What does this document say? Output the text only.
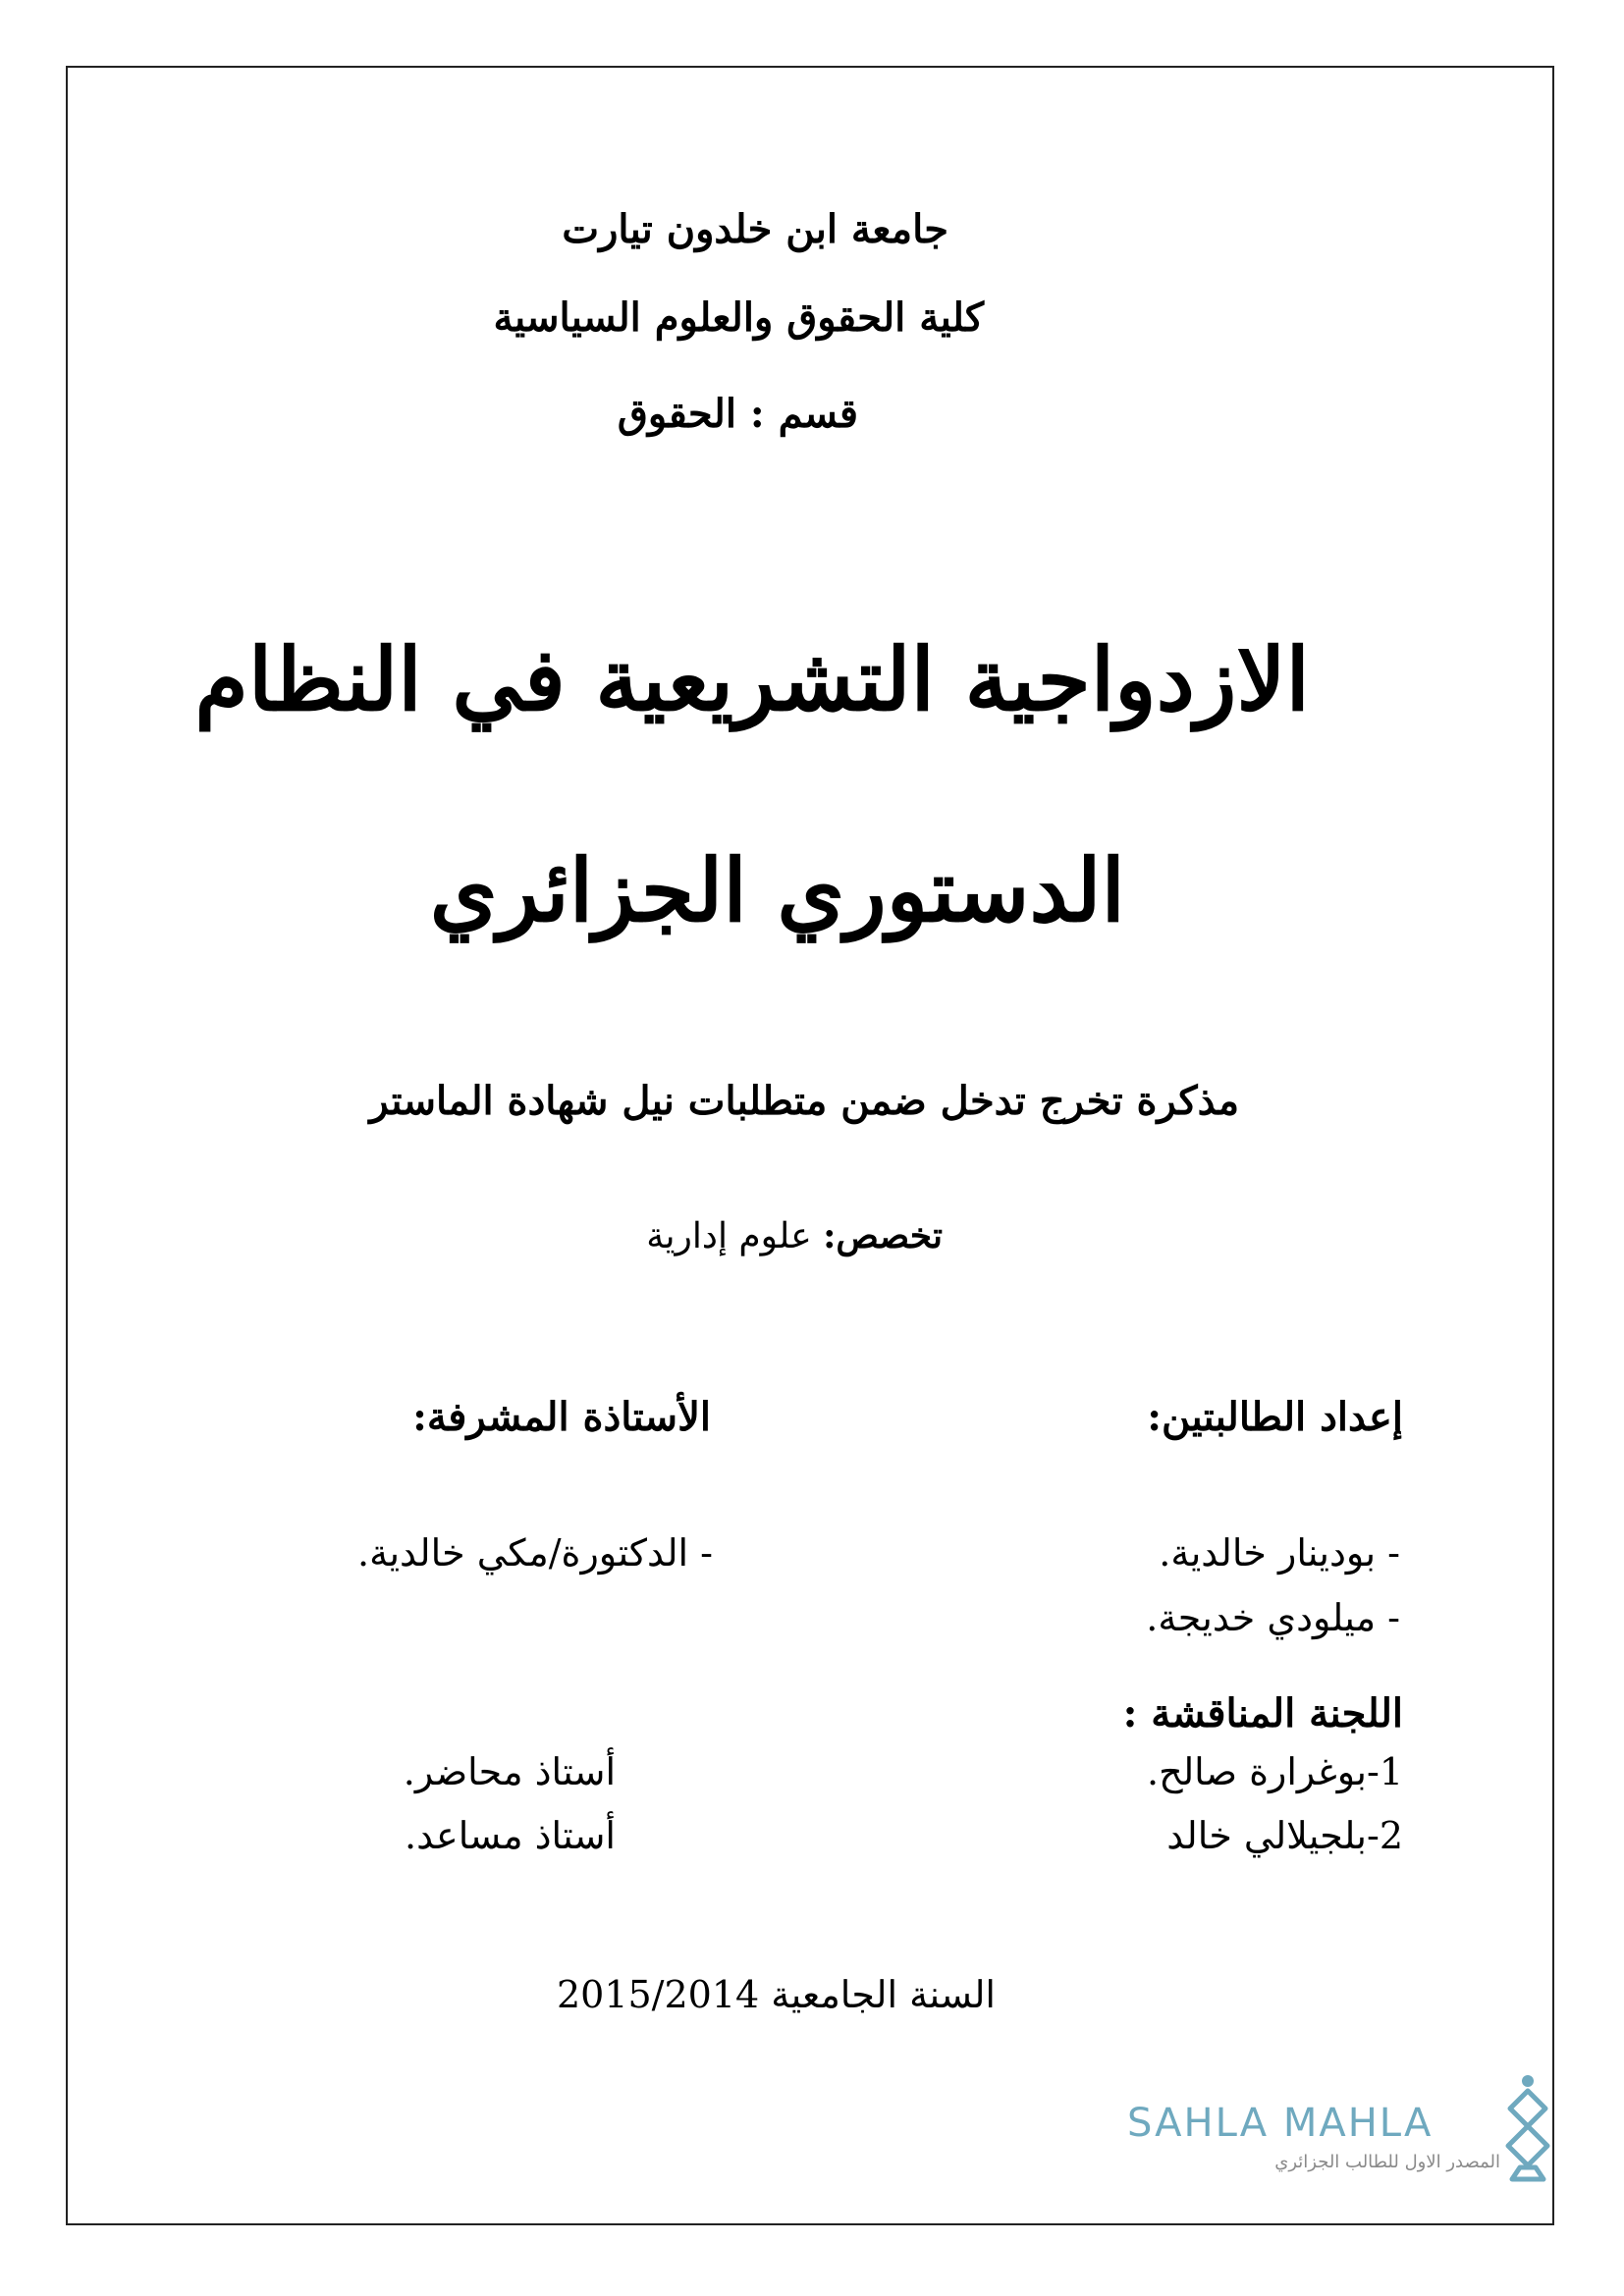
جامعة ابن خلدون تيارت
كلية الحقوق والعلوم السياسية
قسم : الحقوق
الازدواجية التشريعية في النظام
الدستوري الجزائري
مذكرة تخرج تدخل ضمن متطلبات نيل شهادة الماستر
تخصص: علوم إدارية
إعداد الطالبتين:
الأستاذة المشرفة:
- بودينار خالدية.
- ميلودي خديجة.
- الدكتورة/مكي خالدية.
اللجنة المناقشة :
1-بوغرارة صالح.
أستاذ محاضر.
2-بلجيلالي خالد
أستاذ مساعد.
السنة الجامعية 2015/2014
SAHLA MAHLA
المصدر الاول للطالب الجزائري
